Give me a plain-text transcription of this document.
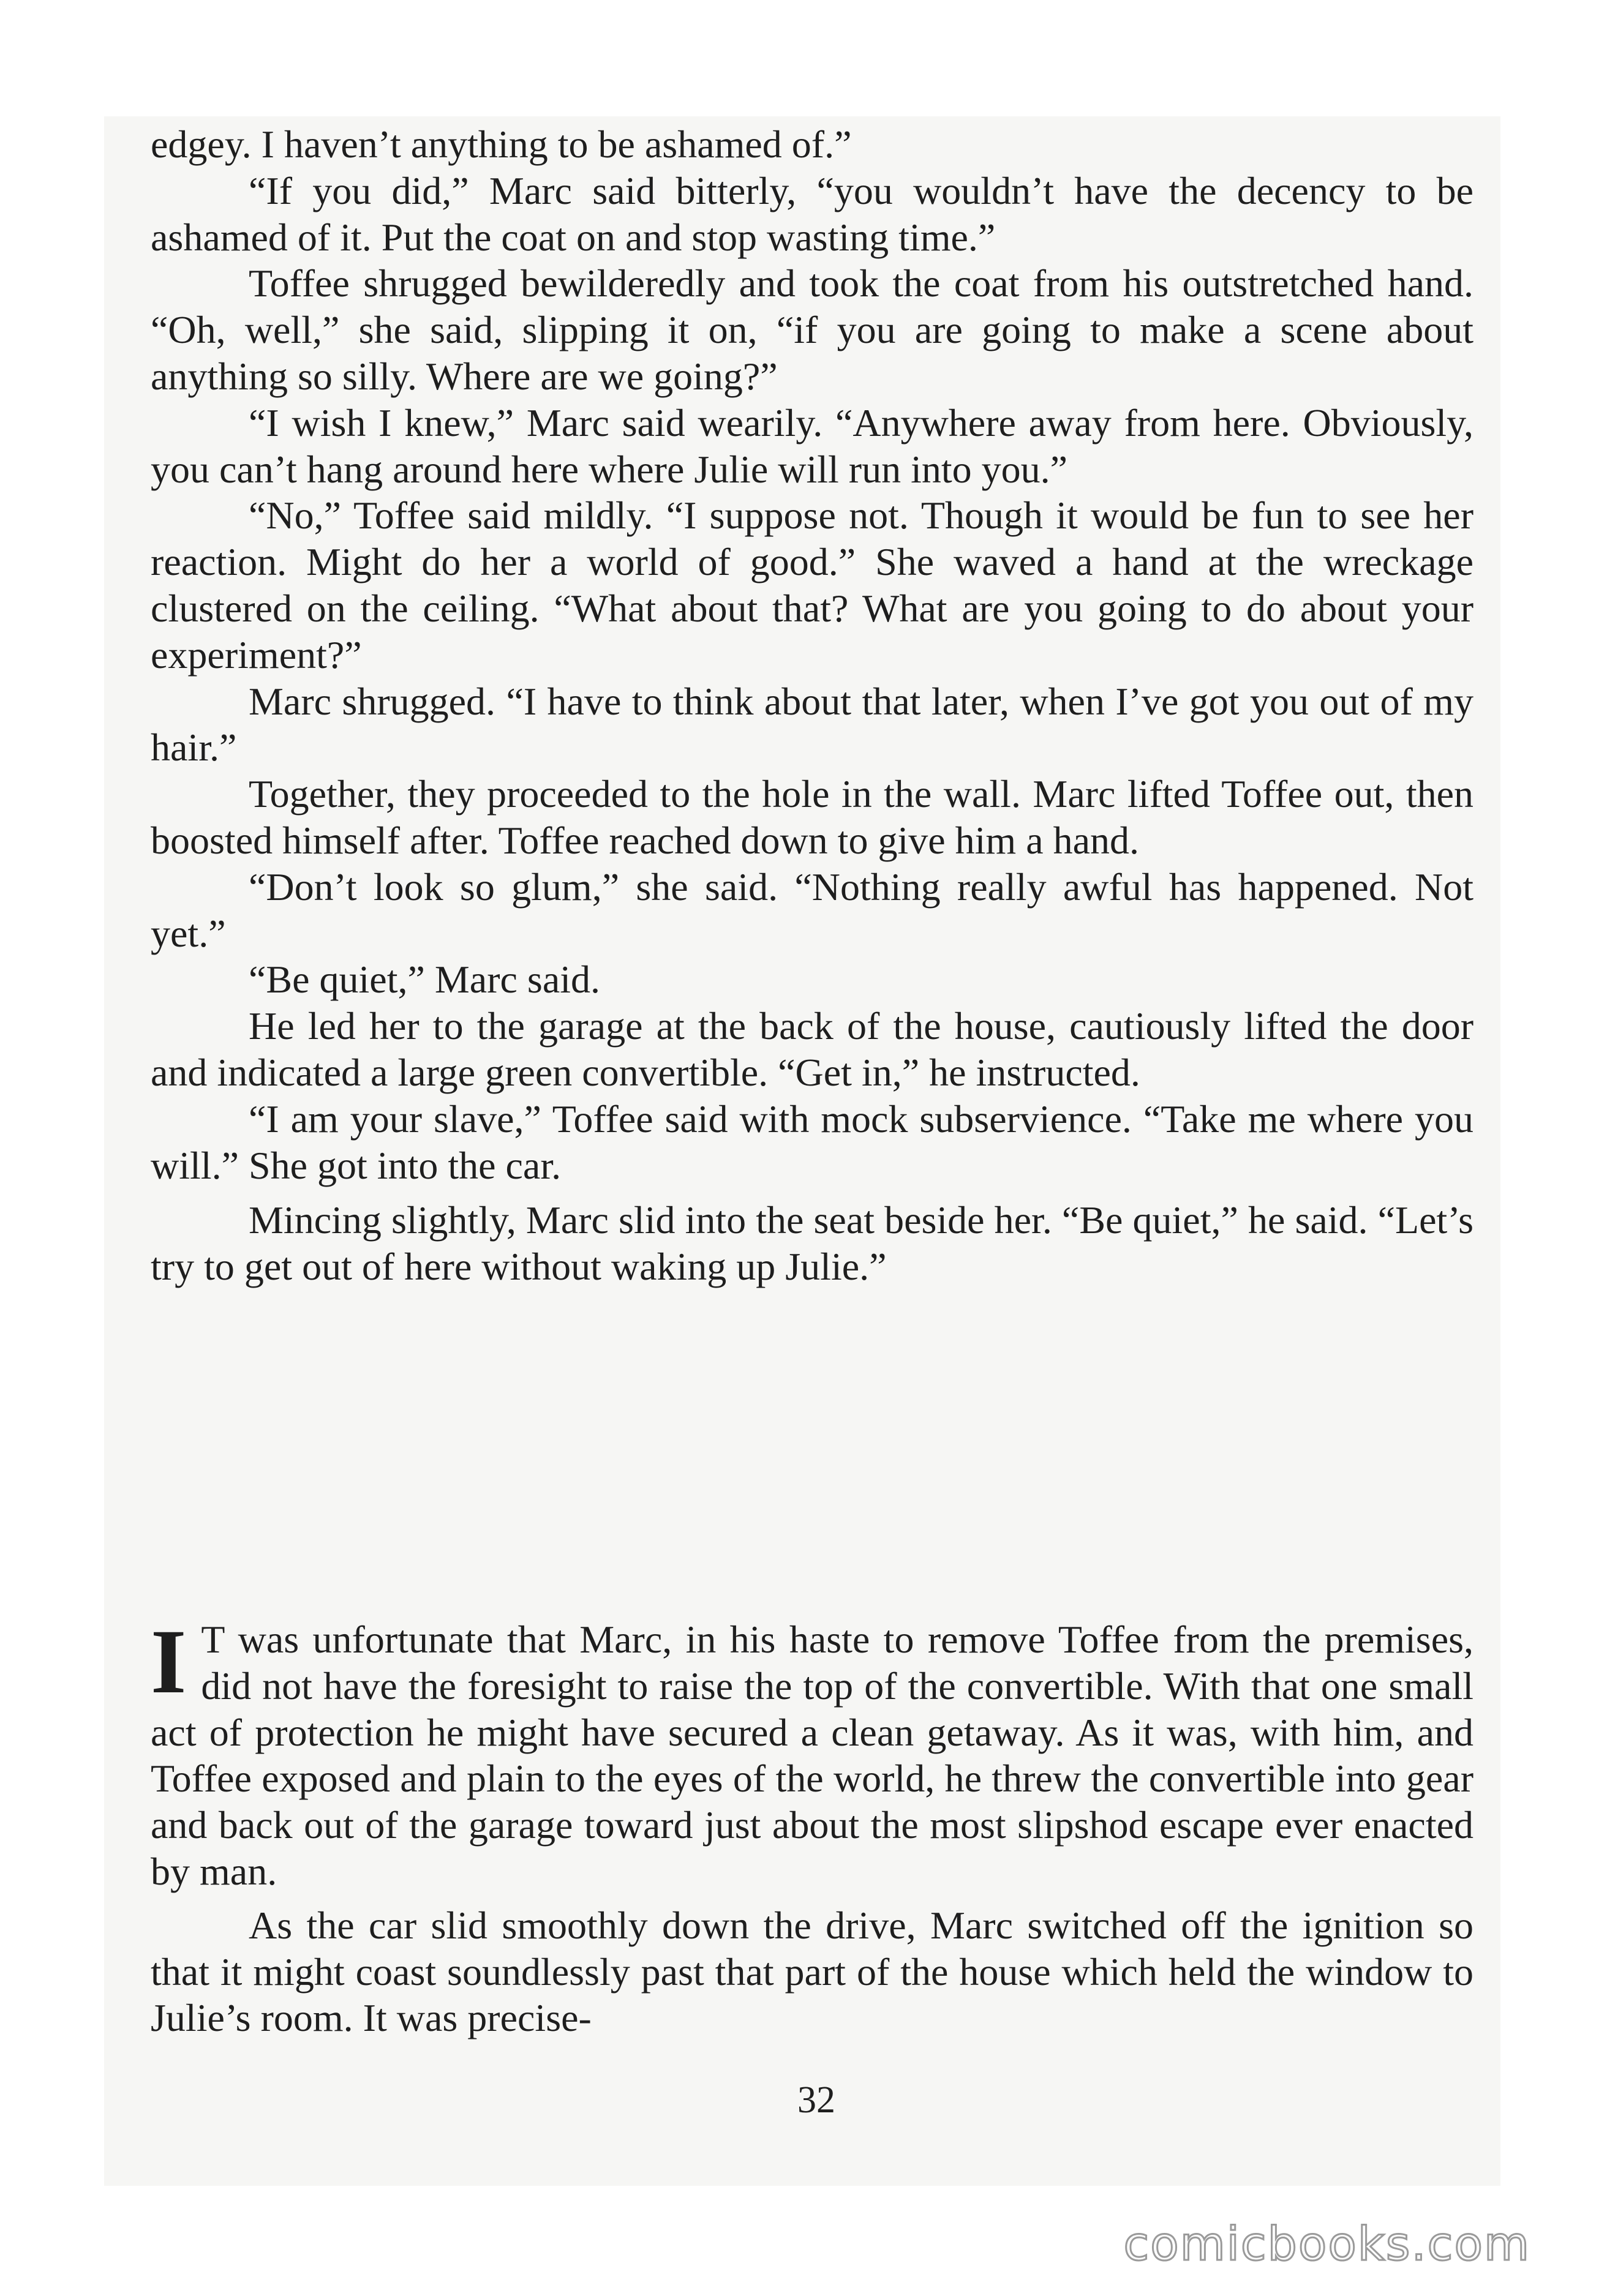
edgey. I haven’t anything to be ashamed of.”

“If you did,” Marc said bitterly, “you wouldn’t have the decency to be ashamed of it. Put the coat on and stop wasting time.”

Toffee shrugged bewilderedly and took the coat from his outstretched hand. “Oh, well,” she said, slipping it on, “if you are going to make a scene about anything so silly. Where are we going?”

“I wish I knew,” Marc said wearily. “Anywhere away from here. Obviously, you can’t hang around here where Julie will run into you.”

“No,” Toffee said mildly. “I suppose not. Though it would be fun to see her reaction. Might do her a world of good.” She waved a hand at the wreckage clustered on the ceiling. “What about that? What are you going to do about your experiment?”

Marc shrugged. “I have to think about that later, when I’ve got you out of my hair.”

Together, they proceeded to the hole in the wall. Marc lifted Toffee out, then boosted himself after. Toffee reached down to give him a hand.

“Don’t look so glum,” she said. “Nothing really awful has happened. Not yet.”

“Be quiet,” Marc said.

He led her to the garage at the back of the house, cautiously lifted the door and indicated a large green convertible. “Get in,” he instructed.

“I am your slave,” Toffee said with mock subservience. “Take me where you will.” She got into the car.

Mincing slightly, Marc slid into the seat beside her. “Be quiet,” he said. “Let’s try to get out of here without waking up Julie.”

I T was unfortunate that Marc, in his haste to remove Toffee from the premises, did not have the foresight to raise the top of the convertible. With that one small act of protection he might have secured a clean getaway. As it was, with him, and Toffee exposed and plain to the eyes of the world, he threw the convertible into gear and back out of the garage toward just about the most slipshod escape ever enacted by man.

As the car slid smoothly down the drive, Marc switched off the ignition so that it might coast soundlessly past that part of the house which held the window to Julie’s room. It was precise-

32
comicbooks.com
